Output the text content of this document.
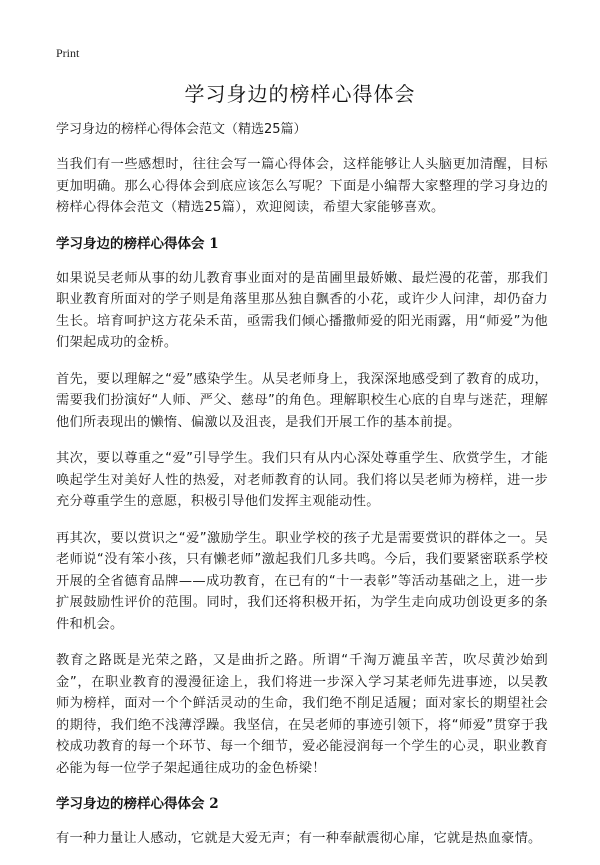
Print
学习身边的榜样心得体会
学习身边的榜样心得体会范文（精选25篇）

当我们有一些感想时，往往会写一篇心得体会，这样能够让人头脑更加清醒，目标更加明确。那么心得体会到底应该怎么写呢？下面是小编帮大家整理的学习身边的榜样心得体会范文（精选25篇），欢迎阅读，希望大家能够喜欢。

学习身边的榜样心得体会 1

如果说吴老师从事的幼儿教育事业面对的是苗圃里最娇嫩、最烂漫的花蕾，那我们职业教育所面对的学子则是角落里那丛独自飘香的小花，或许少人问津，却仍奋力生长。培育呵护这方花朵禾苗，亟需我们倾心播撒师爱的阳光雨露，用“师爱”为他们架起成功的金桥。

首先，要以理解之“爱”感染学生。从吴老师身上，我深深地感受到了教育的成功，需要我们扮演好“人师、严父、慈母”的角色。理解职校生心底的自卑与迷茫，理解他们所表现出的懒惰、偏激以及沮丧，是我们开展工作的基本前提。

其次，要以尊重之“爱”引导学生。我们只有从内心深处尊重学生、欣赏学生，才能唤起学生对美好人性的热爱，对老师教育的认同。我们将以吴老师为榜样，进一步充分尊重学生的意愿，积极引导他们发挥主观能动性。

再其次，要以赏识之“爱”激励学生。职业学校的孩子尤是需要赏识的群体之一。吴老师说“没有笨小孩，只有懒老师”激起我们几多共鸣。今后，我们要紧密联系学校开展的全省德育品牌——成功教育，在已有的“十一表彰”等活动基础之上，进一步扩展鼓励性评价的范围。同时，我们还将积极开拓，为学生走向成功创设更多的条件和机会。

教育之路既是光荣之路，又是曲折之路。所谓“千淘万漉虽辛苦，吹尽黄沙始到金”，在职业教育的漫漫征途上，我们将进一步深入学习某老师先进事迹，以吴教师为榜样，面对一个个鲜活灵动的生命，我们绝不削足适履；面对家长的期望社会的期待，我们绝不浅薄浮躁。我坚信，在吴老师的事迹引领下，将“师爱”贯穿于我校成功教育的每一个环节、每一个细节，爱必能浸润每一个学生的心灵，职业教育必能为每一位学子架起通往成功的金色桥梁！

学习身边的榜样心得体会 2

有一种力量让人感动，它就是大爱无声；有一种奉献震彻心扉，它就是热血豪情。
